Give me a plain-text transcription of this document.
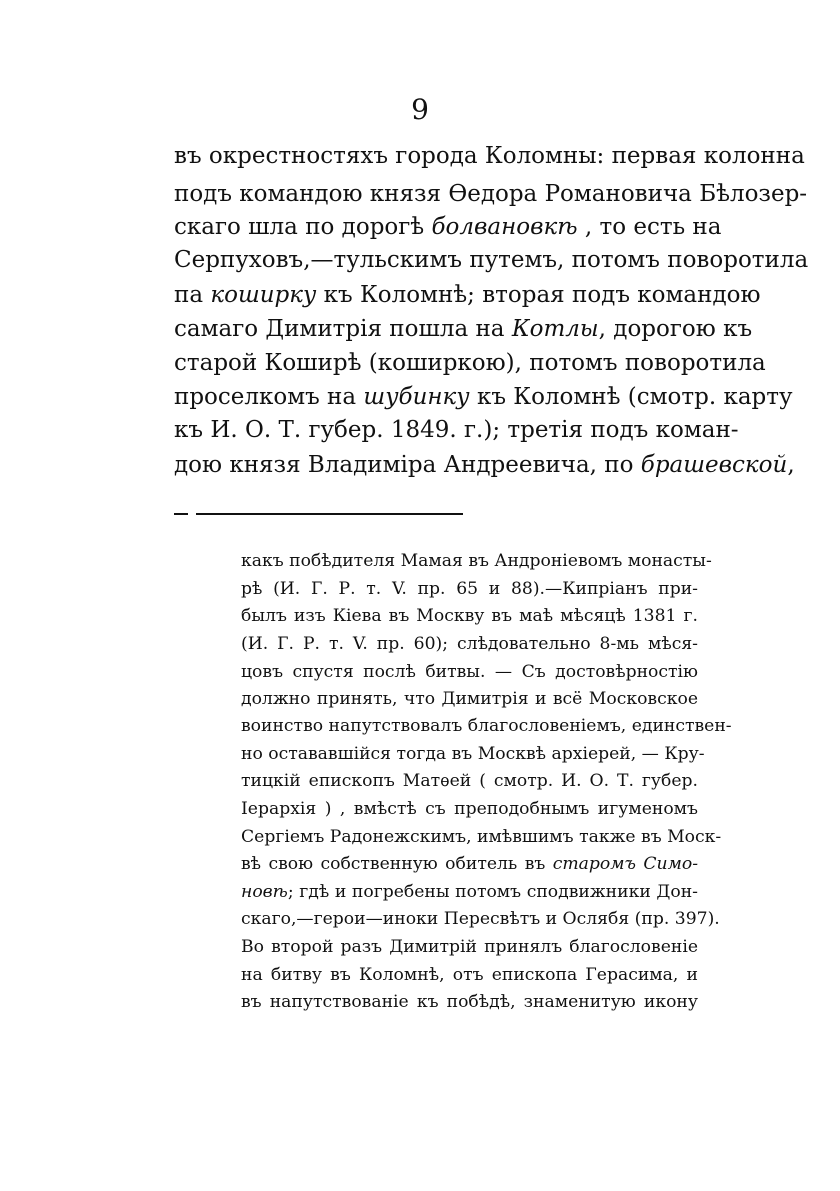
9

въ окрестностяхъ города Коломны: первая колонна

подъ командою князя Ѳедора Романовича Бѣлозер-

скаго шла по дорогѣ болвановкѣ , то есть на

Серпуховъ,—тульскимъ путемъ, потомъ поворотила

па коширку къ Коломнѣ; вторая подъ командою

самаго Димитрія пошла на Котлы, дорогою къ

старой Коширѣ (коширкою), потомъ поворотила

проселкомъ на шубинку къ Коломнѣ (смотр. карту

къ И. О. Т. губер. 1849. г.); третія подъ коман-

дою князя Владиміра Андреевича, по брашевской,

какъ побѣдителя Мамая въ Андроніевомъ монасты-

рѣ (И. Г. Р. т. V. пр. 65 и 88).—Кипріанъ при-

былъ изъ Кіева въ Москву въ маѣ мѣсяцѣ 1381 г.

(И. Г. Р. т. V. пр. 60); слѣдовательно 8-мь мѣся-

цовъ спустя послѣ битвы. — Съ достовѣрностію

должно принять, что Димитрія и всё Московское

воинство напутствовалъ благословеніемъ, единствен-

но остававшійся тогда въ Москвѣ архіерей, — Кру-

тицкій епископъ Матѳей ( смотр. И. О. Т. губер.

Іерархія ) , вмѣстѣ съ преподобнымъ игуменомъ

Сергіемъ Радонежскимъ, имѣвшимъ также въ Моск-

вѣ свою собственную обитель въ старомъ Симо-

новѣ; гдѣ и погребены потомъ сподвижники Дон-

скаго,—герои—иноки Пересвѣтъ и Ослябя (пр. 397).

Во второй разъ Димитрій принялъ благословеніе

на битву въ Коломнѣ, отъ епископа Герасима, и

въ напутствованіе къ побѣдѣ, знаменитую икону
